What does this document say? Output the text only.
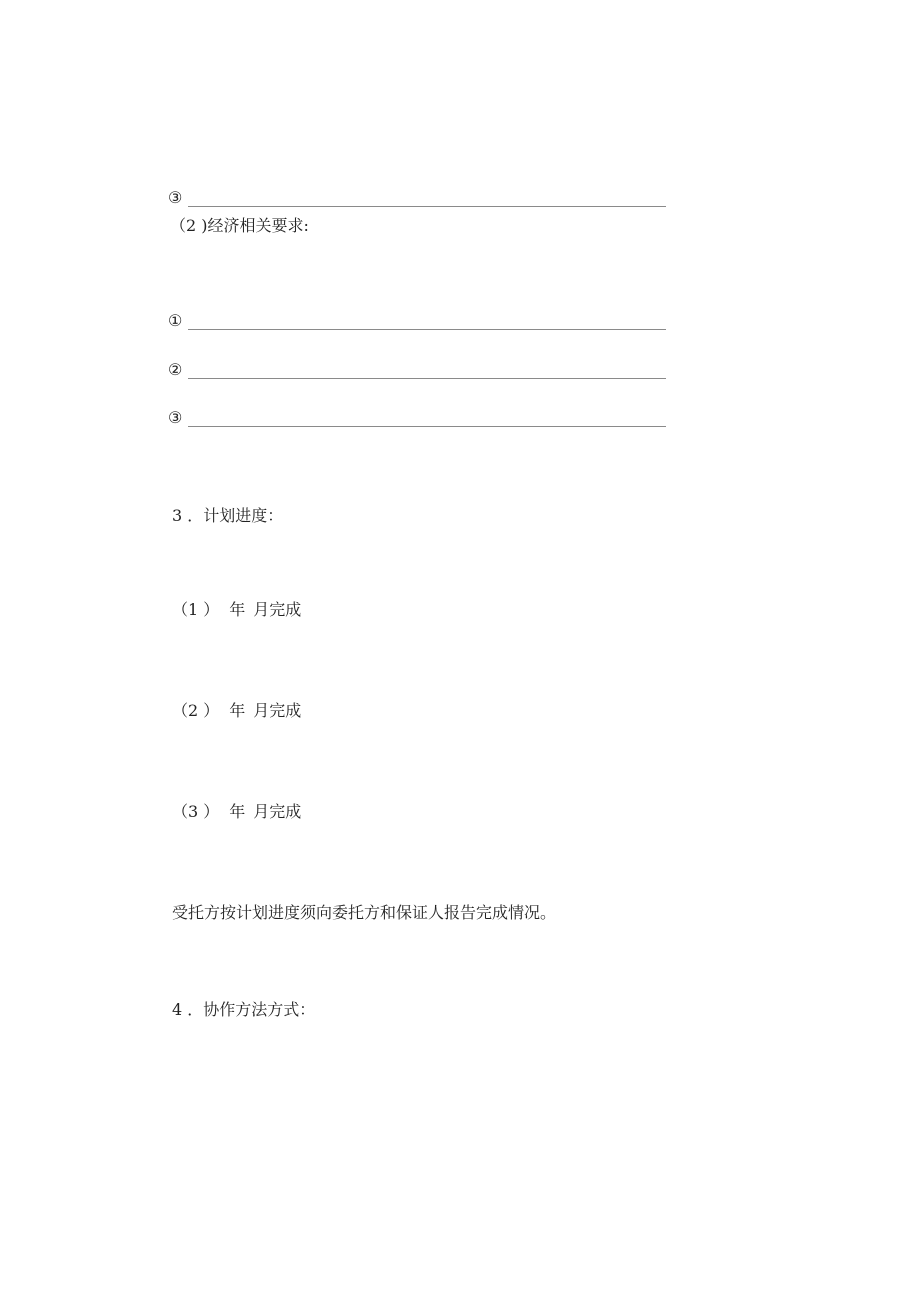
③
（2 )经济相关要求:
①
②
③
3 ．计划进度：
（1 ） 年 月完成
（2 ） 年 月完成
（3 ） 年 月完成
受托方按计划进度须向委托方和保证人报告完成情况。
4 ．协作方法方式：
